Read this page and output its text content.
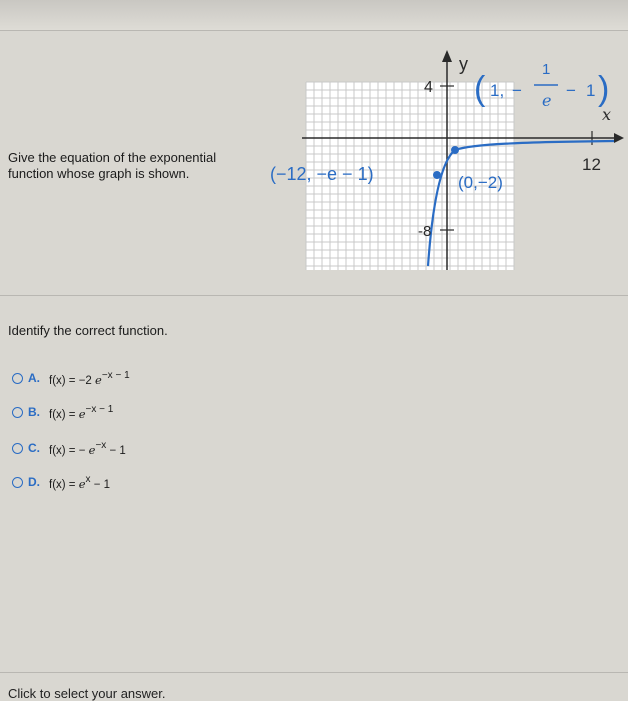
Give the equation of the exponential function whose graph is shown.
y
x
4
-8
12
( 1, −
1
e
− 1 )
(−12, −e − 1)	(0,−2)
Identify the correct function.
A. f(x) = −2 $e^{-x - 1}$
B. $f(x) = e^{-x - 1}$
C. f(x) = − $e^{-x} - 1$
D. $f(x) = e^x - 1$
Click to select your answer.
